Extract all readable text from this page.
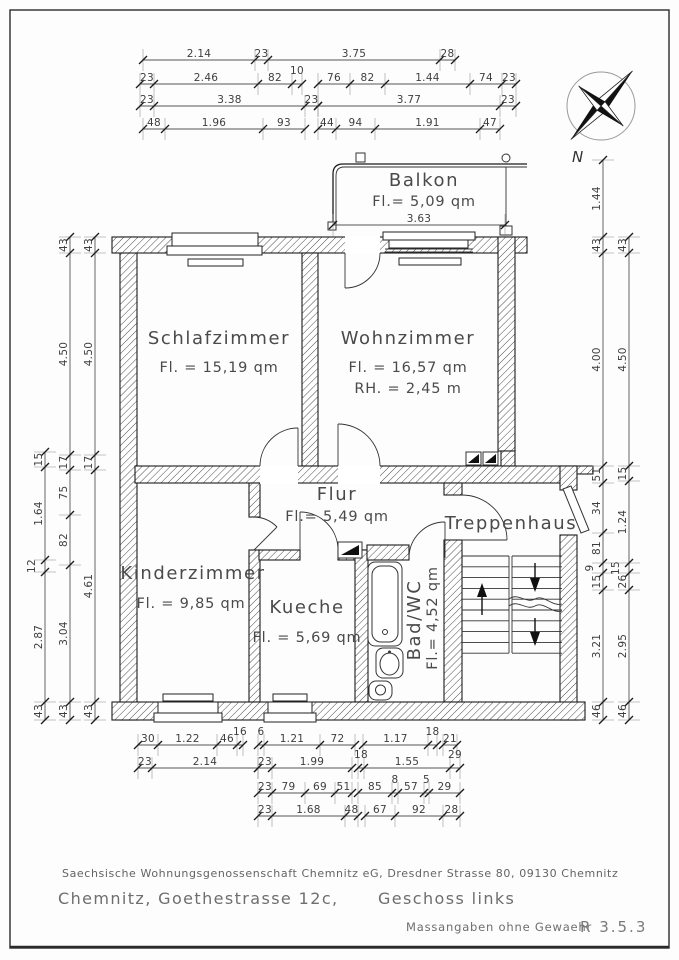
N
Schlafzimmer
Fl. = 15,19 qm
Wohnzimmer
Fl. = 16,57 qm
RH. = 2,45 m
Kinderzimmer
Fl. = 9,85 qm Kueche
Fl. = 5,69 qm
Flur
Fl.= 5,49 qm	Treppenhaus
Bad/WC Fl.= 4,52 qm
Balkon
Fl.= 5,09 qm
2.14	23	3.75	28
23	2.46	82
10
76 82	1.44	74 23
23	3.38	23	3.77	23
48	1.96	93	44 94	1.91	47
3.63
15
1.64
12
2.87
43
43
4.50
17
75
82
3.04
43
43
4.50
17
4.61
43
1.44
43
4.00
51
34
81
9
15
3.21
46
43
4.50
15
1.24
15
26
2.95
46
30 1.22 46
16 6
1.21 72	1.17
18
21
23	2.14	23	1.99
18
1.55
29
23 79 69 51 85
8
57
5
29
23 1.68 48 67 92 28
Saechsische Wohnungsgenossenschaft Chemnitz eG, Dresdner Strasse 80, 09130 Chemnitz
Chemnitz, Goethestrasse 12c, Geschoss links
Massangaben ohne Gewaehr
R 3.5.3
